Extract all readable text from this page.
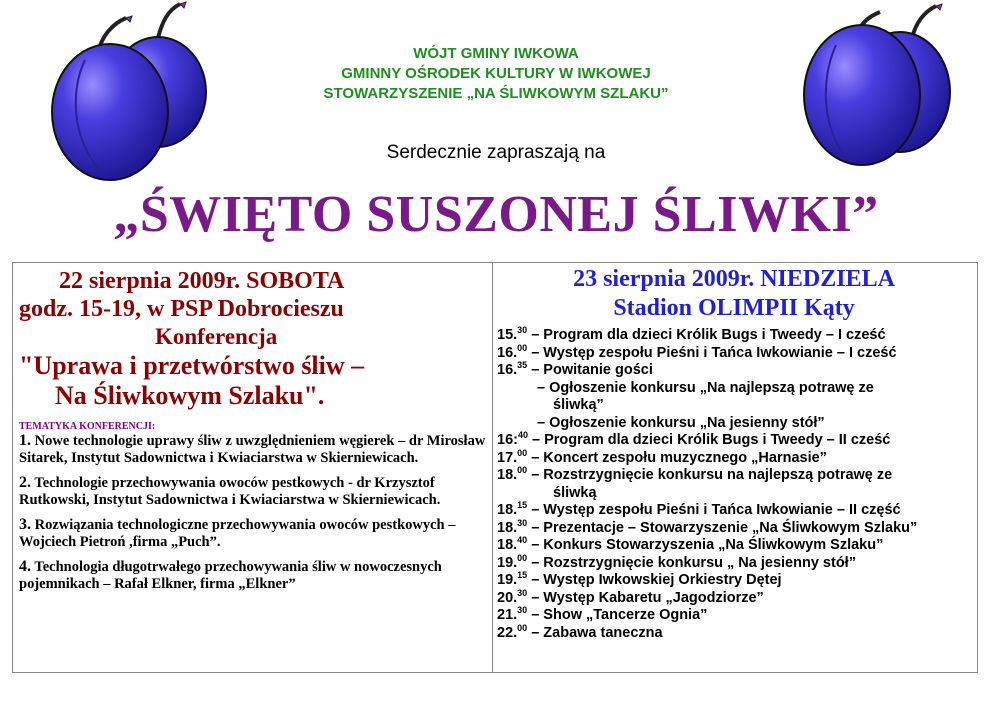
WÓJT GMINY IWKOWA
GMINNY OŚRODEK KULTURY W IWKOWEJ
STOWARZYSZENIE „NA ŚLIWKOWYM SZLAKU”
Serdecznie zapraszają na
„ŚWIĘTO SUSZONEJ ŚLIWKI”
22 sierpnia 2009r. SOBOTA
godz. 15-19, w PSP Dobrocieszu
Konferencja
"Uprawa i przetwórstwo śliw –
Na Śliwkowym Szlaku".
TEMATYKA KONFERENCJI:
1. Nowe technologie uprawy śliw z uwzględnieniem węgierek – dr Mirosław Sitarek, Instytut Sadownictwa i Kwiaciarstwa w Skierniewicach.
2. Technologie przechowywania owoców pestkowych - dr Krzysztof Rutkowski, Instytut Sadownictwa i Kwiaciarstwa w Skierniewicach.
3. Rozwiązania technologiczne przechowywania owoców pestkowych – Wojciech Pietroń ,firma „Puch”.
4. Technologia długotrwałego przechowywania śliw w nowoczesnych pojemnikach – Rafał Elkner, firma „Elkner”
23 sierpnia 2009r. NIEDZIELA
Stadion OLIMPII Kąty
15.30 – Program dla dzieci Królik Bugs i Tweedy – I cześć
16.00 – Występ zespołu Pieśni i Tańca Iwkowianie – I cześć
16.35 – Powitanie gości
– Ogłoszenie konkursu „Na najlepszą potrawę ze
śliwką”
– Ogłoszenie konkursu „Na jesienny stół”
16:$^{40}$ – Program dla dzieci Królik Bugs i Tweedy – II cześć
17.00 – Koncert zespołu muzycznego „Harnasie”
18.00 – Rozstrzygnięcie konkursu na najlepszą potrawę ze
śliwką
18.15 – Występ zespołu Pieśni i Tańca Iwkowianie – II część
18.30 – Prezentacje – Stowarzyszenie „Na Śliwkowym Szlaku”
18.40 – Konkurs Stowarzyszenia „Na Śliwkowym Szlaku”
19.00 – Rozstrzygnięcie konkursu „ Na jesienny stół”
19.15 – Występ Iwkowskiej Orkiestry Dętej
20.30 – Występ Kabaretu „Jagodziorze”
21.30 – Show „Tancerze Ognia”
22.00 – Zabawa taneczna
